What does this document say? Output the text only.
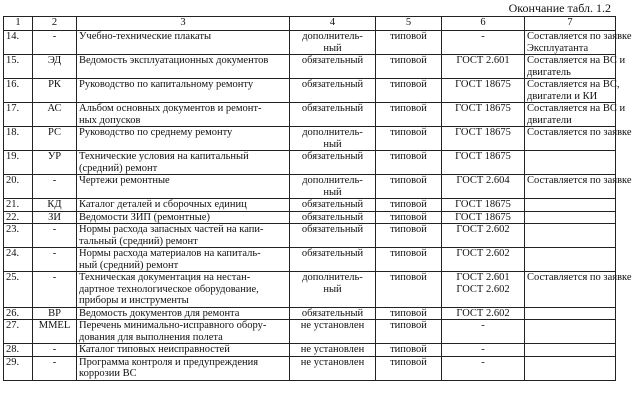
Окончание табл. 1.2
1	2	3	4	5	6	7
14.	-	Учебно-технические плакаты	дополнитель-
ный	типовой	-	Составляется по заявке
Эксплуатанта

15.	ЭД	Ведомость эксплуатационных документов	обязательный	типовой	ГОСТ 2.601	Составляется на ВС и
двигатель

16.	РК	Руководство по капитальному ремонту	обязательный	типовой	ГОСТ 18675	Составляется на ВС,
двигатели и КИ

17.	АС	Альбом основных документов и ремонт-
ных допусков	обязательный	типовой	ГОСТ 18675	Составляется на ВС и
двигатели

18.	РС	Руководство по среднему ремонту	дополнитель-
ный	типовой	ГОСТ 18675	Составляется по заявке

19.	УР	Технические условия на капитальный
(средний) ремонт	обязательный	типовой	ГОСТ 18675	

20.	-	Чертежи ремонтные	дополнитель-
ный	типовой	ГОСТ 2.604	Составляется по заявке

21.	КД	Каталог деталей и сборочных единиц	обязательный	типовой	ГОСТ 18675	

22.	ЗИ	Ведомости ЗИП (ремонтные)	обязательный	типовой	ГОСТ 18675	

23.	-	Нормы расхода запасных частей на капи-
тальный (средний) ремонт	обязательный	типовой	ГОСТ 2.602	

24.	-	Нормы расхода материалов на капиталь-
ный (средний) ремонт	обязательный	типовой	ГОСТ 2.602	

25.	-	Техническая документация на нестан-
дартное технологическое оборудование,
приборы и инструменты	дополнитель-
ный	типовой	ГОСТ 2.601
ГОСТ 2.602	Составляется по заявке

26.	ВР	Ведомость документов для ремонта	обязательный	типовой	ГОСТ 2.602	

27.	MMEL	Перечень минимально-исправного обору-
дования для выполнения полета	не установлен	типовой	-	

28.	-	Каталог типовых неисправностей	не установлен	типовой	-	

29.	-	Программа контроля и предупреждения
коррозии ВС	не установлен	типовой	-	
